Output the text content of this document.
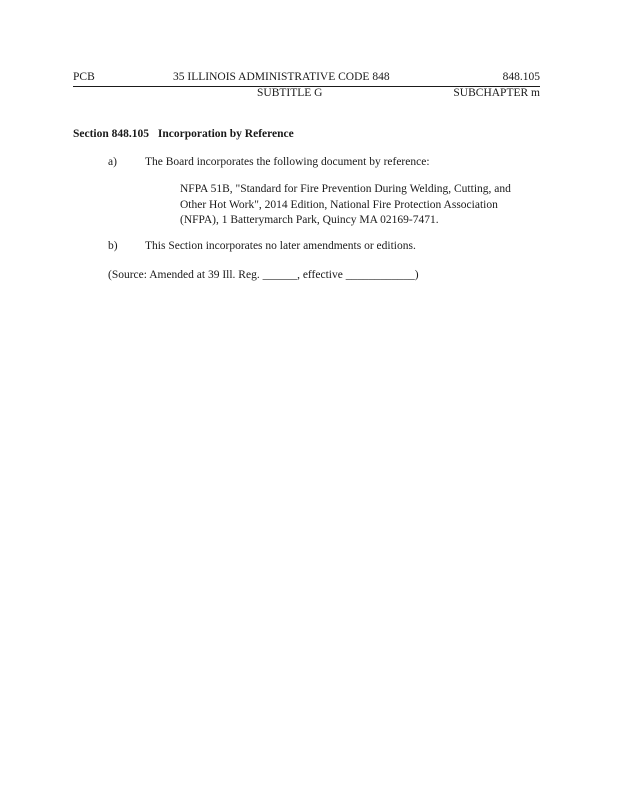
PCB	35 ILLINOIS ADMINISTRATIVE CODE 848	848.105
SUBTITLE G	SUBCHAPTER m
Section 848.105 Incorporation by Reference
a) The Board incorporates the following document by reference:
NFPA 51B, "Standard for Fire Prevention During Welding, Cutting, and
Other Hot Work", 2014 Edition, National Fire Protection Association
(NFPA), 1 Batterymarch Park, Quincy MA 02169-7471.
b) This Section incorporates no later amendments or editions.
(Source: Amended at 39 Ill. Reg. ______, effective ____________)
